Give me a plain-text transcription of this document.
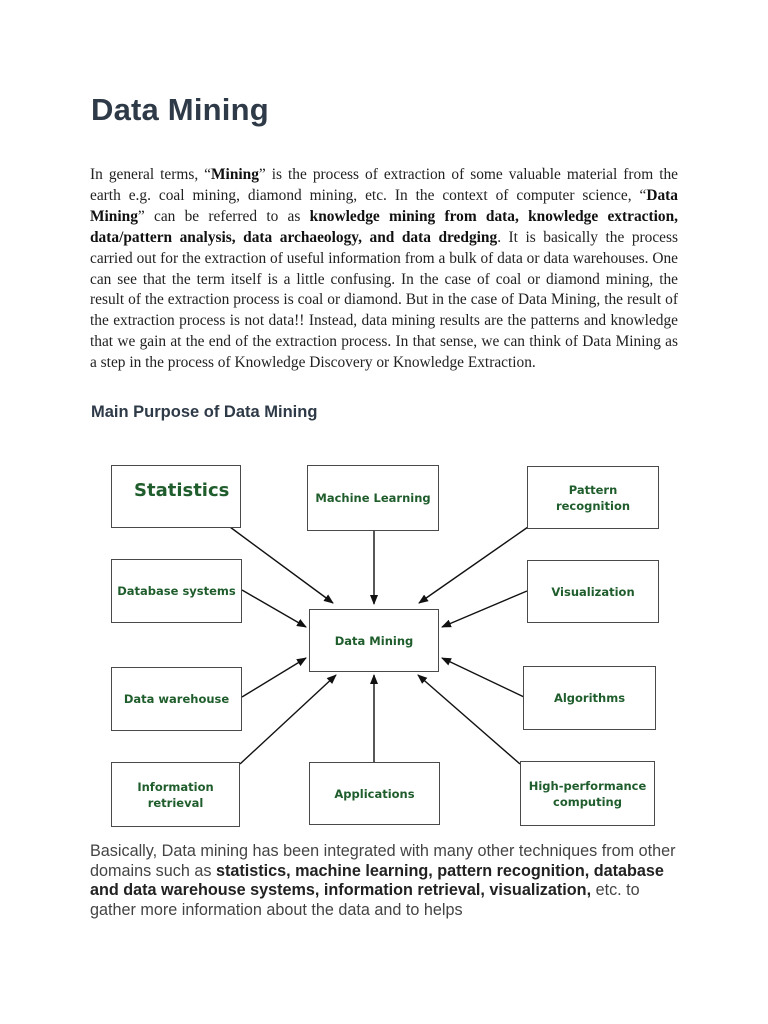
Data Mining
In general terms, “Mining” is the process of extraction of some valuable material from the earth e.g. coal mining, diamond mining, etc. In the context of computer science, “Data Mining” can be referred to as knowledge mining from data, knowledge extraction, data/pattern analysis, data archaeology, and data dredging. It is basically the process carried out for the extraction of useful information from a bulk of data or data warehouses. One can see that the term itself is a little confusing. In the case of coal or diamond mining, the result of the extraction process is coal or diamond. But in the case of Data Mining, the result of the extraction process is not data!! Instead, data mining results are the patterns and knowledge that we gain at the end of the extraction process. In that sense, we can think of Data Mining as a step in the process of Knowledge Discovery or Knowledge Extraction.
Main Purpose of Data Mining
Statistics	Machine Learning
Pattern recognition
Database systems	Visualization
Data Mining
Data warehouse	Algorithms
Information retrieval
Applications
High-performance computing
Basically, Data mining has been integrated with many other techniques from other domains such as statistics, machine learning, pattern recognition, database and data warehouse systems, information retrieval, visualization, etc. to gather more information about the data and to helps
